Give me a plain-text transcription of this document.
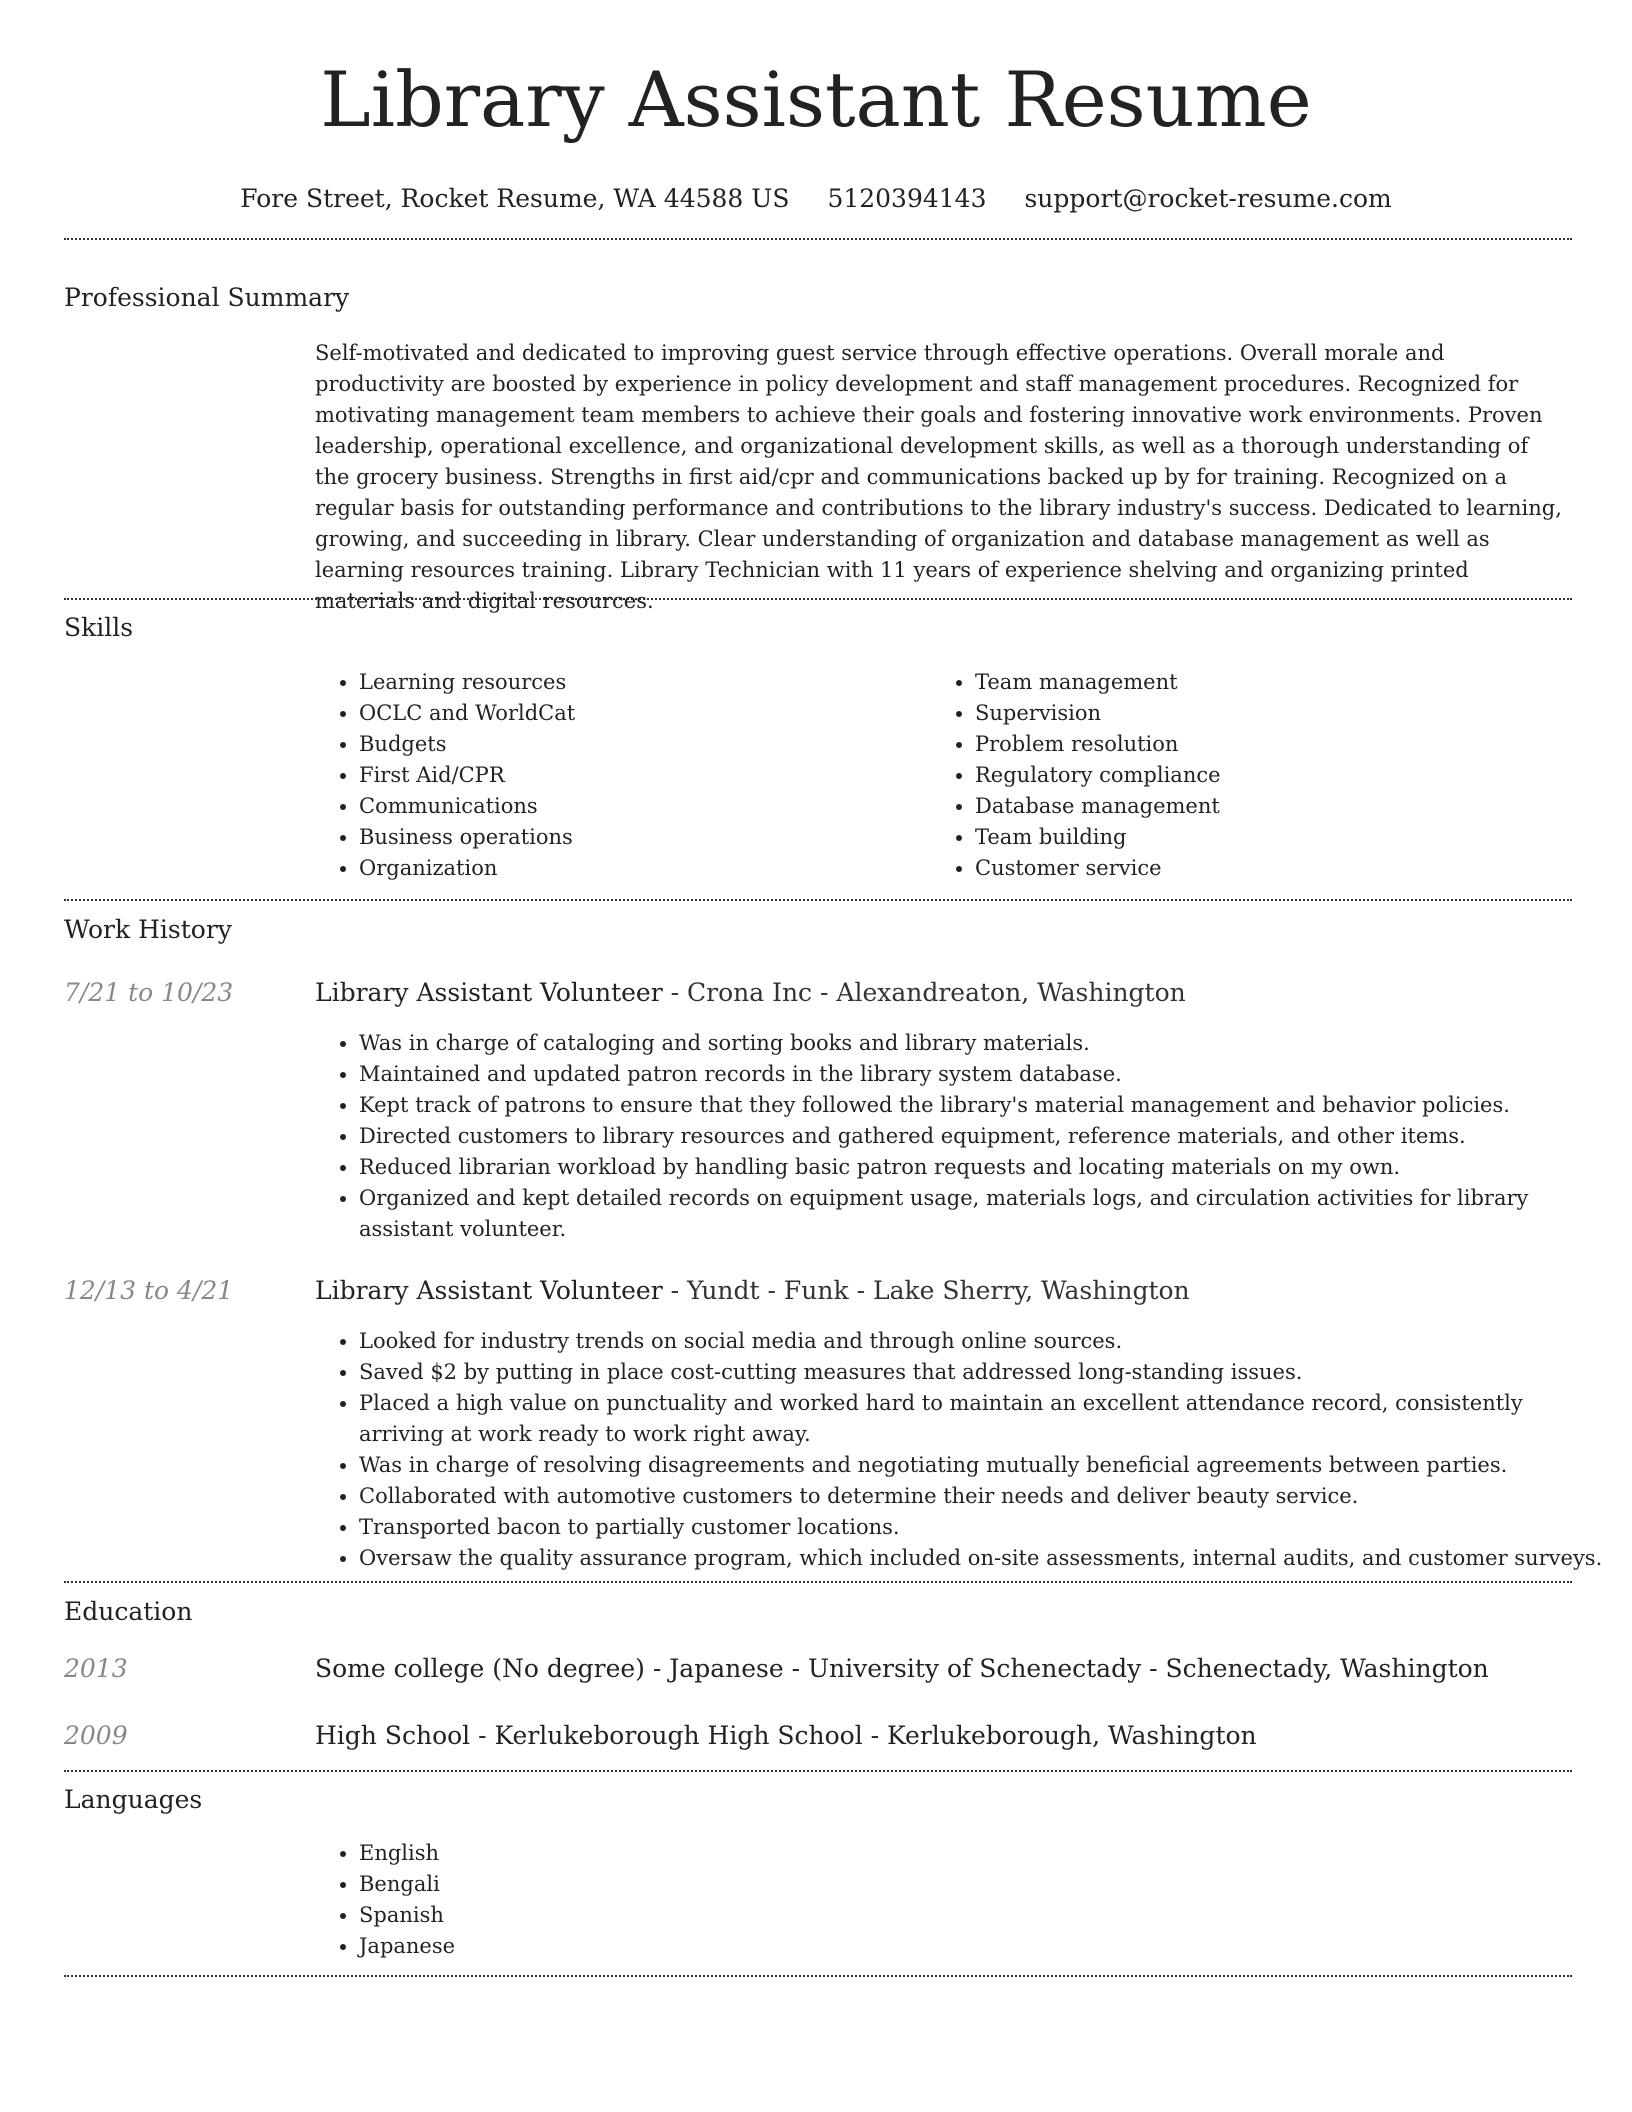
Library Assistant Resume
Fore Street, Rocket Resume, WA 44588 US 5120394143 support@rocket-resume.com
Professional Summary
Self-motivated and dedicated to improving guest service through effective operations. Overall morale and productivity are boosted by experience in policy development and staff management procedures. Recognized for motivating management team members to achieve their goals and fostering innovative work environments. Proven leadership, operational excellence, and organizational development skills, as well as a thorough understanding of the grocery business. Strengths in first aid/cpr and communications backed up by for training. Recognized on a regular basis for outstanding performance and contributions to the library industry's success. Dedicated to learning, growing, and succeeding in library. Clear understanding of organization and database management as well as learning resources training. Library Technician with 11 years of experience shelving and organizing printed materials and digital resources.
Skills
• Learning resources
• OCLC and WorldCat
• Budgets
• First Aid/CPR
• Communications
• Business operations
• Organization
• Team management
• Supervision
• Problem resolution
• Regulatory compliance
• Database management
• Team building
• Customer service
Work History
7/21 to 10/23	Library Assistant Volunteer - Crona Inc - Alexandreaton, Washington
• Was in charge of cataloging and sorting books and library materials.
• Maintained and updated patron records in the library system database.
• Kept track of patrons to ensure that they followed the library's material management and behavior policies.
• Directed customers to library resources and gathered equipment, reference materials, and other items.
• Reduced librarian workload by handling basic patron requests and locating materials on my own.
• Organized and kept detailed records on equipment usage, materials logs, and circulation activities for library assistant volunteer.
12/13 to 4/21	Library Assistant Volunteer - Yundt - Funk - Lake Sherry, Washington
• Looked for industry trends on social media and through online sources.
• Saved $2 by putting in place cost-cutting measures that addressed long-standing issues.
• Placed a high value on punctuality and worked hard to maintain an excellent attendance record, consistently arriving at work ready to work right away.
• Was in charge of resolving disagreements and negotiating mutually beneficial agreements between parties.
• Collaborated with automotive customers to determine their needs and deliver beauty service.
• Transported bacon to partially customer locations.
• Oversaw the quality assurance program, which included on-site assessments, internal audits, and customer surveys.
Education
2013	Some college (No degree) - Japanese - University of Schenectady - Schenectady, Washington
2009	High School - Kerlukeborough High School - Kerlukeborough, Washington
Languages
• English
• Bengali
• Spanish
• Japanese
